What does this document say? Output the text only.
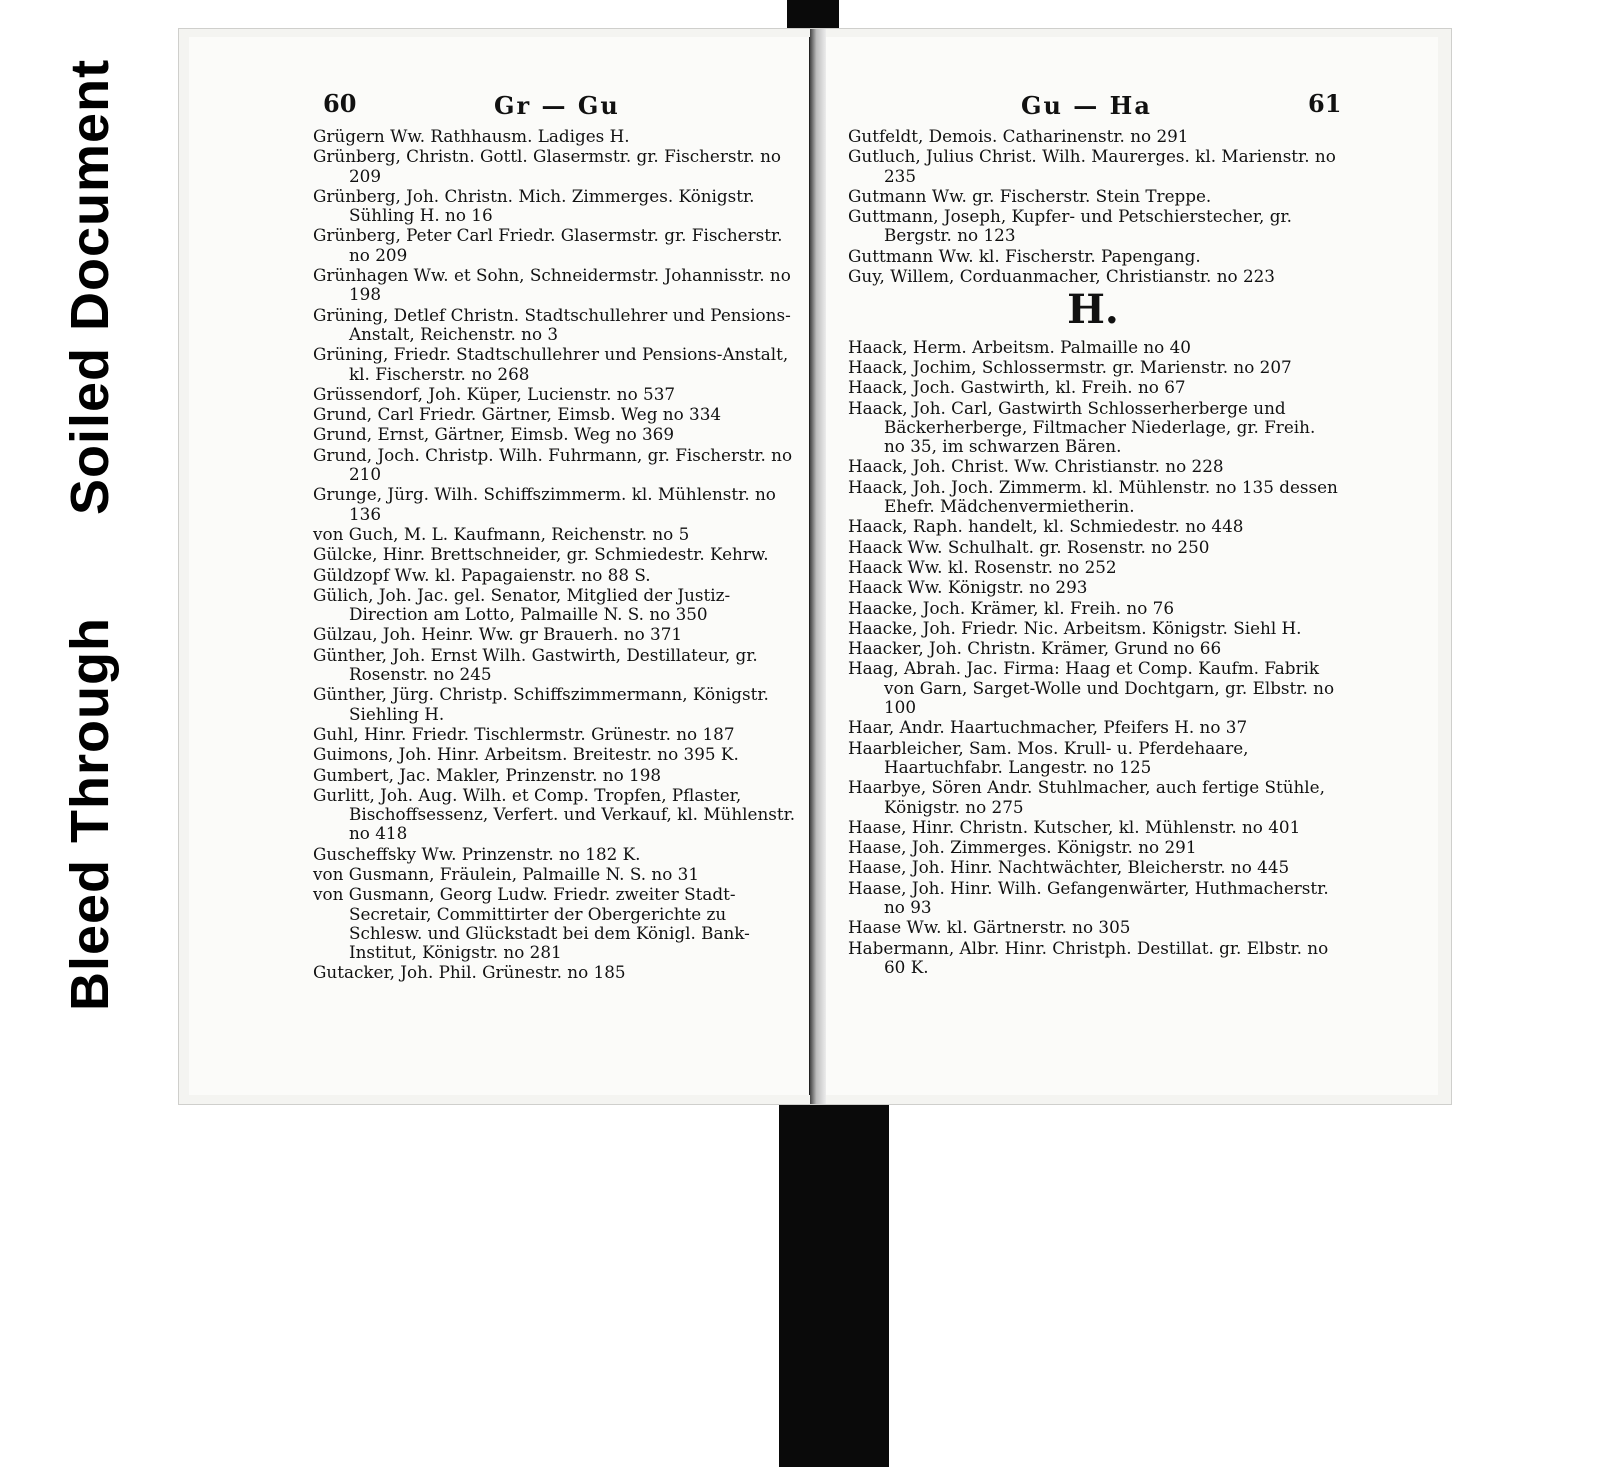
Bleed Through  Soiled Document	60	Gr — Gu
Grügern Ww. Rathhausm. Ladiges H.
Grünberg, Christn. Gottl. Glasermstr. gr. Fischerstr. no 209
Grünberg, Joh. Christn. Mich. Zimmerges. Königstr. Sühling H. no 16
Grünberg, Peter Carl Friedr. Glasermstr. gr. Fischerstr. no 209
Grünhagen Ww. et Sohn, Schneidermstr. Johannisstr. no 198
Grüning, Detlef Christn. Stadtschullehrer und Pensions-Anstalt, Reichenstr. no 3
Grüning, Friedr. Stadtschullehrer und Pensions-Anstalt, kl. Fischerstr. no 268
Grüssendorf, Joh. Küper, Lucienstr. no 537
Grund, Carl Friedr. Gärtner, Eimsb. Weg no 334
Grund, Ernst, Gärtner, Eimsb. Weg no 369
Grund, Joch. Christp. Wilh. Fuhrmann, gr. Fischerstr. no 210
Grunge, Jürg. Wilh. Schiffszimmerm. kl. Mühlenstr. no 136
von Guch, M. L. Kaufmann, Reichenstr. no 5
Gülcke, Hinr. Brettschneider, gr. Schmiedestr. Kehrw.
Güldzopf Ww. kl. Papagaienstr. no 88 S.
Gülich, Joh. Jac. gel. Senator, Mitglied der Justiz-Direction am Lotto, Palmaille N. S. no 350
Gülzau, Joh. Heinr. Ww. gr Brauerh. no 371
Günther, Joh. Ernst Wilh. Gastwirth, Destillateur, gr. Rosenstr. no 245
Günther, Jürg. Christp. Schiffszimmermann, Königstr. Siehling H.
Guhl, Hinr. Friedr. Tischlermstr. Grünestr. no 187
Guimons, Joh. Hinr. Arbeitsm. Breitestr. no 395 K.
Gumbert, Jac. Makler, Prinzenstr. no 198
Gurlitt, Joh. Aug. Wilh. et Comp. Tropfen, Pflaster, Bischoffsessenz, Verfert. und Verkauf, kl. Mühlenstr. no 418
Guscheffsky Ww. Prinzenstr. no 182 K.
von Gusmann, Fräulein, Palmaille N. S. no 31
von Gusmann, Georg Ludw. Friedr. zweiter Stadt-Secretair, Committirter der Obergerichte zu Schlesw. und Glückstadt bei dem Königl. Bank-Institut, Königstr. no 281
Gutacker, Joh. Phil. Grünestr. no 185
Gu — Ha	61
Gutfeldt, Demois. Catharinenstr. no 291
Gutluch, Julius Christ. Wilh. Maurerges. kl. Marienstr. no 235
Gutmann Ww. gr. Fischerstr. Stein Treppe.
Guttmann, Joseph, Kupfer- und Petschierstecher, gr. Bergstr. no 123
Guttmann Ww. kl. Fischerstr. Papengang.
Guy, Willem, Corduanmacher, Christianstr. no 223
H.
Haack, Herm. Arbeitsm. Palmaille no 40
Haack, Jochim, Schlossermstr. gr. Marienstr. no 207
Haack, Joch. Gastwirth, kl. Freih. no 67
Haack, Joh. Carl, Gastwirth Schlosserherberge und Bäckerherberge, Filtmacher Niederlage, gr. Freih. no 35, im schwarzen Bären.
Haack, Joh. Christ. Ww. Christianstr. no 228
Haack, Joh. Joch. Zimmerm. kl. Mühlenstr. no 135 dessen Ehefr. Mädchenvermietherin.
Haack, Raph. handelt, kl. Schmiedestr. no 448
Haack Ww. Schulhalt. gr. Rosenstr. no 250
Haack Ww. kl. Rosenstr. no 252
Haack Ww. Königstr. no 293
Haacke, Joch. Krämer, kl. Freih. no 76
Haacke, Joh. Friedr. Nic. Arbeitsm. Königstr. Siehl H.
Haacker, Joh. Christn. Krämer, Grund no 66
Haag, Abrah. Jac. Firma: Haag et Comp. Kaufm. Fabrik von Garn, Sarget-Wolle und Dochtgarn, gr. Elbstr. no 100
Haar, Andr. Haartuchmacher, Pfeifers H. no 37
Haarbleicher, Sam. Mos. Krull- u. Pferdehaare, Haartuchfabr. Langestr. no 125
Haarbye, Sören Andr. Stuhlmacher, auch fertige Stühle, Königstr. no 275
Haase, Hinr. Christn. Kutscher, kl. Mühlenstr. no 401
Haase, Joh. Zimmerges. Königstr. no 291
Haase, Joh. Hinr. Nachtwächter, Bleicherstr. no 445
Haase, Joh. Hinr. Wilh. Gefangenwärter, Huthmacherstr. no 93
Haase Ww. kl. Gärtnerstr. no 305
Habermann, Albr. Hinr. Christph. Destillat. gr. Elbstr. no 60 K.
